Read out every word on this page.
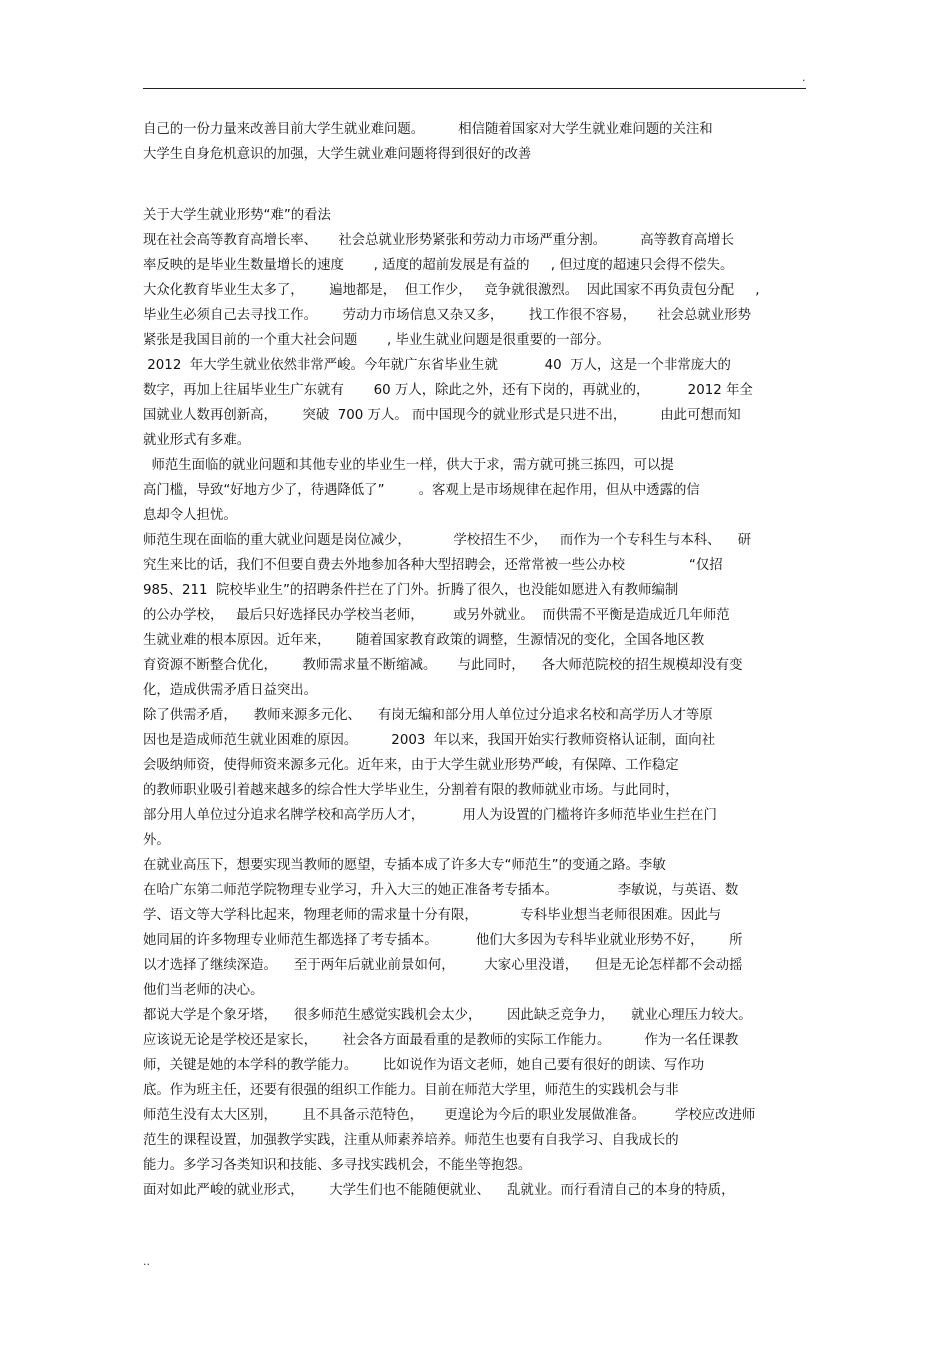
.
自己的一份力量来改善目前大学生就业难问题。        相信随着国家对大学生就业难问题的关注和
大学生自身危机意识的加强，大学生就业难问题将得到很好的改善
关于大学生就业形势“难”的看法
现在社会高等教育高增长率、     社会总就业形势紧张和劳动力市场严重分割。        高等教育高增长
率反映的是毕业生数量增长的速度       , 适度的超前发展是有益的     , 但过度的超速只会得不偿失。
大众化教育毕业生太多了，      遍地都是，  但工作少，   竞争就很激烈。  因此国家不再负责包分配     ,
毕业生必须自己去寻找工作。      劳动力市场信息又杂又多，      找工作很不容易，     社会总就业形势
紧张是我国目前的一个重大社会问题       , 毕业生就业问题是很重要的一部分。
2012  年大学生就业依然非常严峻。今年就广东省毕业生就           40  万人，这是一个非常庞大的
数字，再加上往届毕业生广东就有       60 万人，除此之外，还有下岗的，再就业的，         2012 年全
国就业人数再创新高，      突破  700 万人。 而中国现今的就业形式是只进不出，        由此可想而知
就业形式有多难。
师范生面临的就业问题和其他专业的毕业生一样，供大于求，需方就可挑三拣四，可以提
高门槛，导致“好地方少了，待遇降低了”        。客观上是市场规律在起作用，但从中透露的信
息却令人担忧。
师范生现在面临的重大就业问题是岗位减少，          学校招生不少，   而作为一个专科生与本科、    研
究生来比的话，我们不但要自费去外地参加各种大型招聘会，还常常被一些公办校               “仅招
985、211  院校毕业生”的招聘条件拦在了门外。折腾了很久，也没能如愿进入有教师编制
的公办学校，   最后只好选择民办学校当老师，       或另外就业。  而供需不平衡是造成近几年师范
生就业难的根本原因。近年来，      随着国家教育政策的调整，生源情况的变化，全国各地区教
育资源不断整合优化，      教师需求量不断缩减。     与此同时，    各大师范院校的招生规模却没有变
化，造成供需矛盾日益突出。
除了供需矛盾，    教师来源多元化、    有岗无编和部分用人单位过分追求名校和高学历人才等原
因也是造成师范生就业困难的原因。        2003  年以来，我国开始实行教师资格认证制，面向社
会吸纳师资，使得师资来源多元化。近年来，由于大学生就业形势严峻，有保障、工作稳定
的教师职业吸引着越来越多的综合性大学毕业生，分割着有限的教师就业市场。与此同时，
部分用人单位过分追求名牌学校和高学历人才，         用人为设置的门槛将许多师范毕业生拦在门
外。
在就业高压下，想要实现当教师的愿望，专插本成了许多大专“师范生”的变通之路。李敏
在哈广东第二师范学院物理专业学习，升入大三的她正准备考专插本。              李敏说，与英语、数
学、语文等大学科比起来，物理老师的需求量十分有限，          专科毕业想当老师很困难。因此与
她同届的许多物理专业师范生都选择了考专插本。         他们大多因为专科毕业就业形势不好，      所
以才选择了继续深造。    至于两年后就业前景如何，       大家心里没谱，    但是无论怎样都不会动摇
他们当老师的决心。
都说大学是个象牙塔，    很多师范生感觉实践机会太少，      因此缺乏竞争力，    就业心理压力较大。
应该说无论是学校还是家长，      社会各方面最看重的是教师的实际工作能力。        作为一名任课教
师，关键是她的本学科的教学能力。      比如说作为语文老师，她自己要有很好的朗读、写作功
底。作为班主任，还要有很强的组织工作能力。目前在师范大学里，师范生的实践机会与非
师范生没有太大区别，      且不具备示范特色，     更遑论为今后的职业发展做准备。       学校应改进师
范生的课程设置，加强教学实践，注重从师素养培养。师范生也要有自我学习、自我成长的
能力。多学习各类知识和技能、多寻找实践机会，不能坐等抱怨。
面对如此严峻的就业形式，      大学生们也不能随便就业、    乱就业。而行看清自己的本身的特质，
..
